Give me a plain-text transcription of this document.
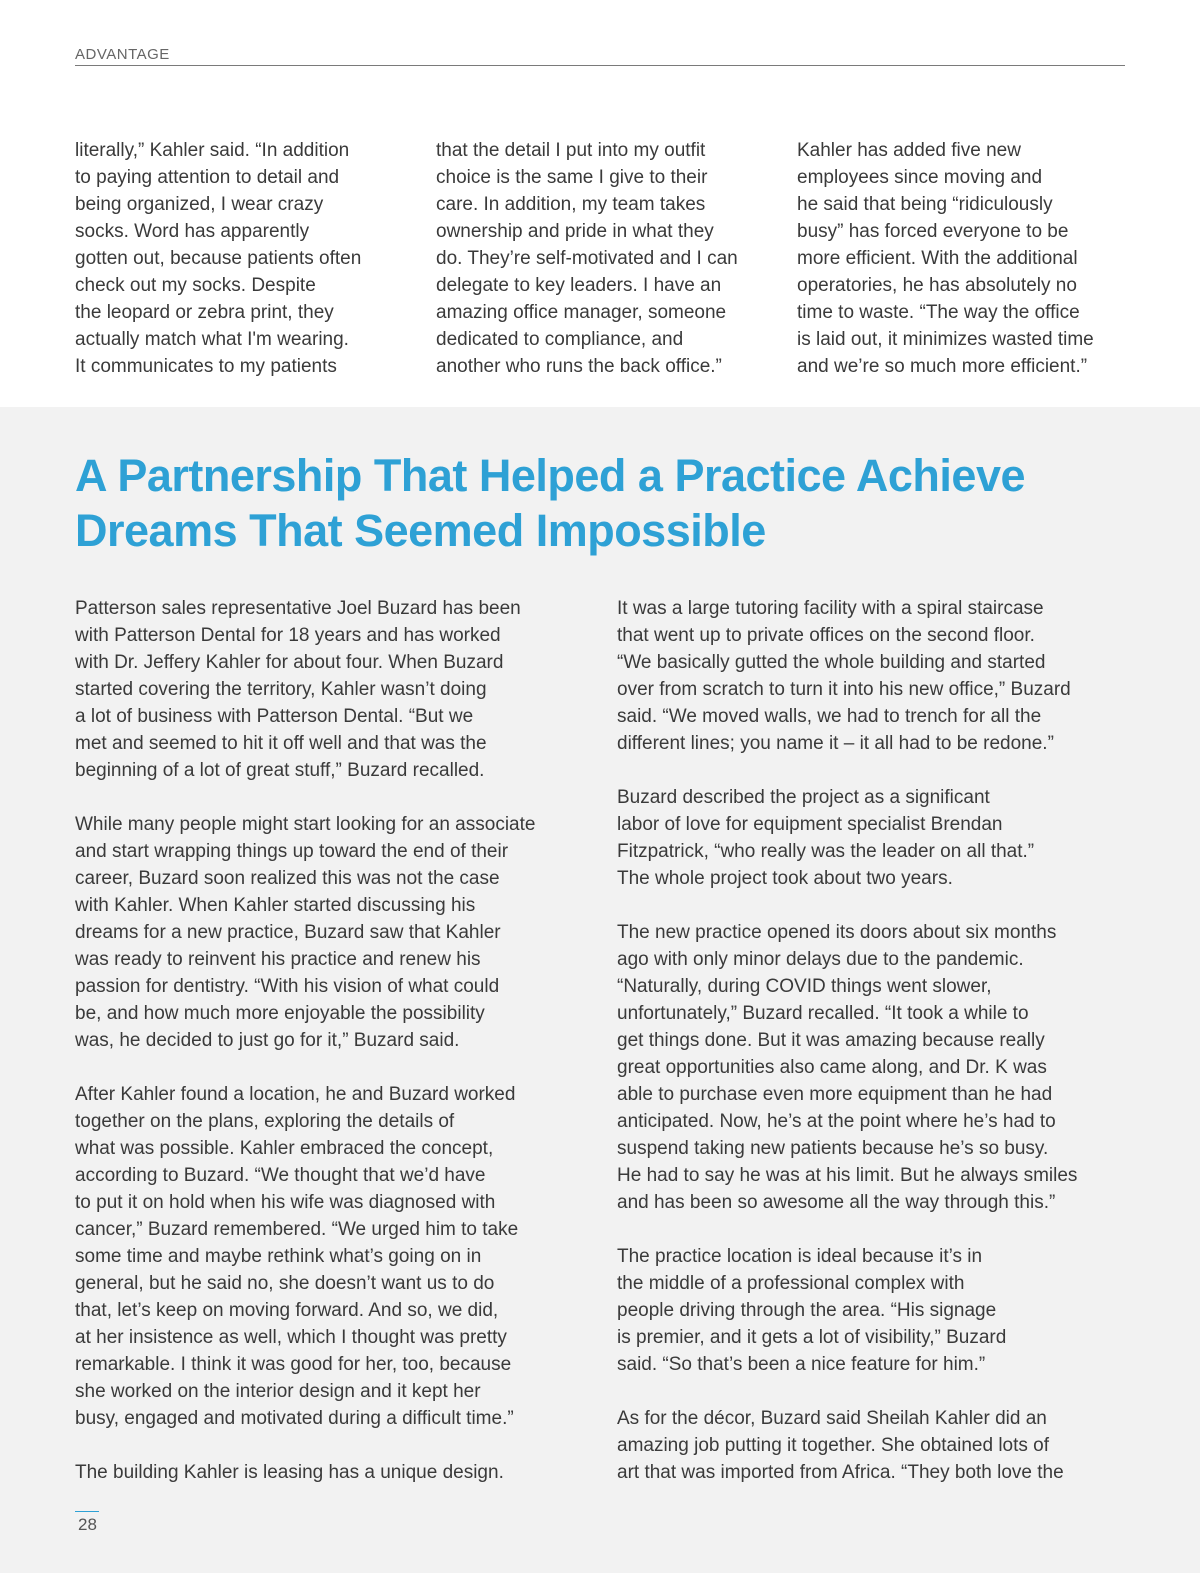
ADVANTAGE

literally,” Kahler said. “In addition
to paying attention to detail and
being organized, I wear crazy
socks. Word has apparently
gotten out, because patients often
check out my socks. Despite
the leopard or zebra print, they
actually match what I'm wearing.
It communicates to my patients

that the detail I put into my outfit
choice is the same I give to their
care. In addition, my team takes
ownership and pride in what they
do. They’re self-motivated and I can
delegate to key leaders. I have an
amazing office manager, someone
dedicated to compliance, and
another who runs the back office.”

Kahler has added five new
employees since moving and
he said that being “ridiculously
busy” has forced everyone to be
more efficient. With the additional
operatories, he has absolutely no
time to waste. “The way the office
is laid out, it minimizes wasted time
and we’re so much more efficient.”

A Partnership That Helped a Practice Achieve
Dreams That Seemed Impossible

Patterson sales representative Joel Buzard has been
with Patterson Dental for 18 years and has worked
with Dr. Jeffery Kahler for about four. When Buzard
started covering the territory, Kahler wasn’t doing
a lot of business with Patterson Dental. “But we
met and seemed to hit it off well and that was the
beginning of a lot of great stuff,” Buzard recalled.

While many people might start looking for an associate
and start wrapping things up toward the end of their
career, Buzard soon realized this was not the case
with Kahler. When Kahler started discussing his
dreams for a new practice, Buzard saw that Kahler
was ready to reinvent his practice and renew his
passion for dentistry. “With his vision of what could
be, and how much more enjoyable the possibility
was, he decided to just go for it,” Buzard said.

After Kahler found a location, he and Buzard worked
together on the plans, exploring the details of
what was possible. Kahler embraced the concept,
according to Buzard. “We thought that we’d have
to put it on hold when his wife was diagnosed with
cancer,” Buzard remembered. “We urged him to take
some time and maybe rethink what’s going on in
general, but he said no, she doesn’t want us to do
that, let’s keep on moving forward. And so, we did,
at her insistence as well, which I thought was pretty
remarkable. I think it was good for her, too, because
she worked on the interior design and it kept her
busy, engaged and motivated during a difficult time.”

The building Kahler is leasing has a unique design.

It was a large tutoring facility with a spiral staircase
that went up to private offices on the second floor.
“We basically gutted the whole building and started
over from scratch to turn it into his new office,” Buzard
said. “We moved walls, we had to trench for all the
different lines; you name it – it all had to be redone.”

Buzard described the project as a significant
labor of love for equipment specialist Brendan
Fitzpatrick, “who really was the leader on all that.”
The whole project took about two years.

The new practice opened its doors about six months
ago with only minor delays due to the pandemic.
“Naturally, during COVID things went slower,
unfortunately,” Buzard recalled. “It took a while to
get things done. But it was amazing because really
great opportunities also came along, and Dr. K was
able to purchase even more equipment than he had
anticipated. Now, he’s at the point where he’s had to
suspend taking new patients because he’s so busy.
He had to say he was at his limit. But he always smiles
and has been so awesome all the way through this.”

The practice location is ideal because it’s in
the middle of a professional complex with
people driving through the area. “His signage
is premier, and it gets a lot of visibility,” Buzard
said. “So that’s been a nice feature for him.”

As for the décor, Buzard said Sheilah Kahler did an
amazing job putting it together. She obtained lots of
art that was imported from Africa. “They both love the

28
